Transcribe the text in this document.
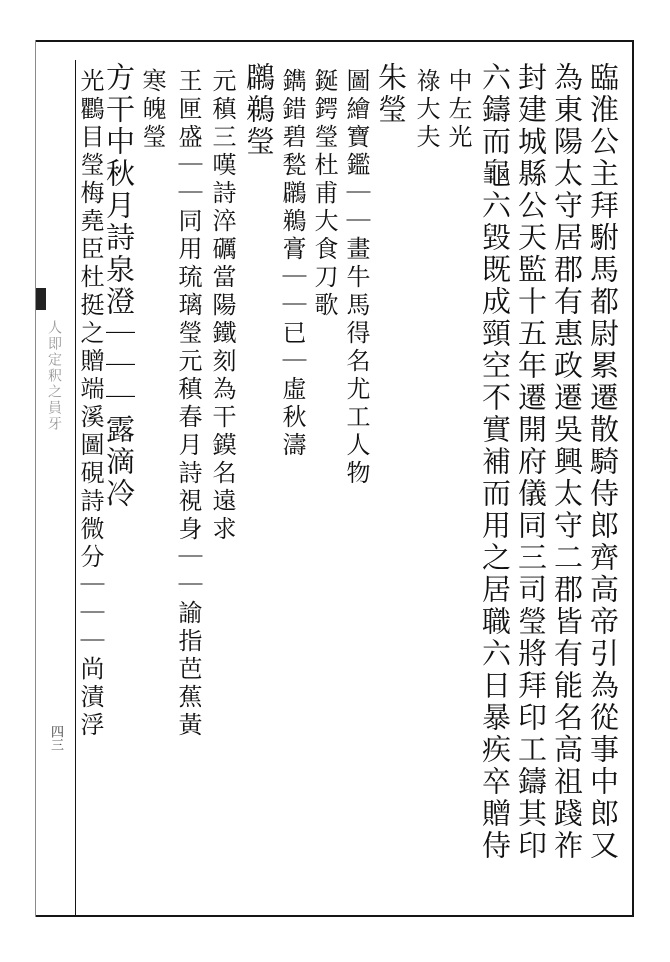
臨淮公主拜駙馬都尉累遷散騎侍郎齊高帝引為從事中郎又
為東陽太守居郡有惠政遷吳興太守二郡皆有能名高祖踐祚
封建城縣公天監十五年遷開府儀同三司瑩將拜印工鑄其印
六鑄而龜六毀既成頸空不實補而用之居職六日暴疾卒贈侍
中左光
祿大夫
朱瑩
圖繪寶鑑｜｜畫牛馬得名尤工人物
鋋鍔瑩杜甫大食刀歌
鐫錯碧甃鸊鵜膏｜｜已｜虛秋濤
鸊鵜瑩
元稹三嘆詩淬礪當陽鐵刻為干鏌名遠求
王匣盛｜｜同用琉璃瑩元稹春月詩視身｜｜諭指芭蕉黃
寒魄瑩
方干中秋月詩泉澄｜｜｜露滴冷
光鸜目瑩梅堯臣杜挺之贈端溪圖硯詩微分｜｜｜尚漬浮
人即定釈之員牙
四三
